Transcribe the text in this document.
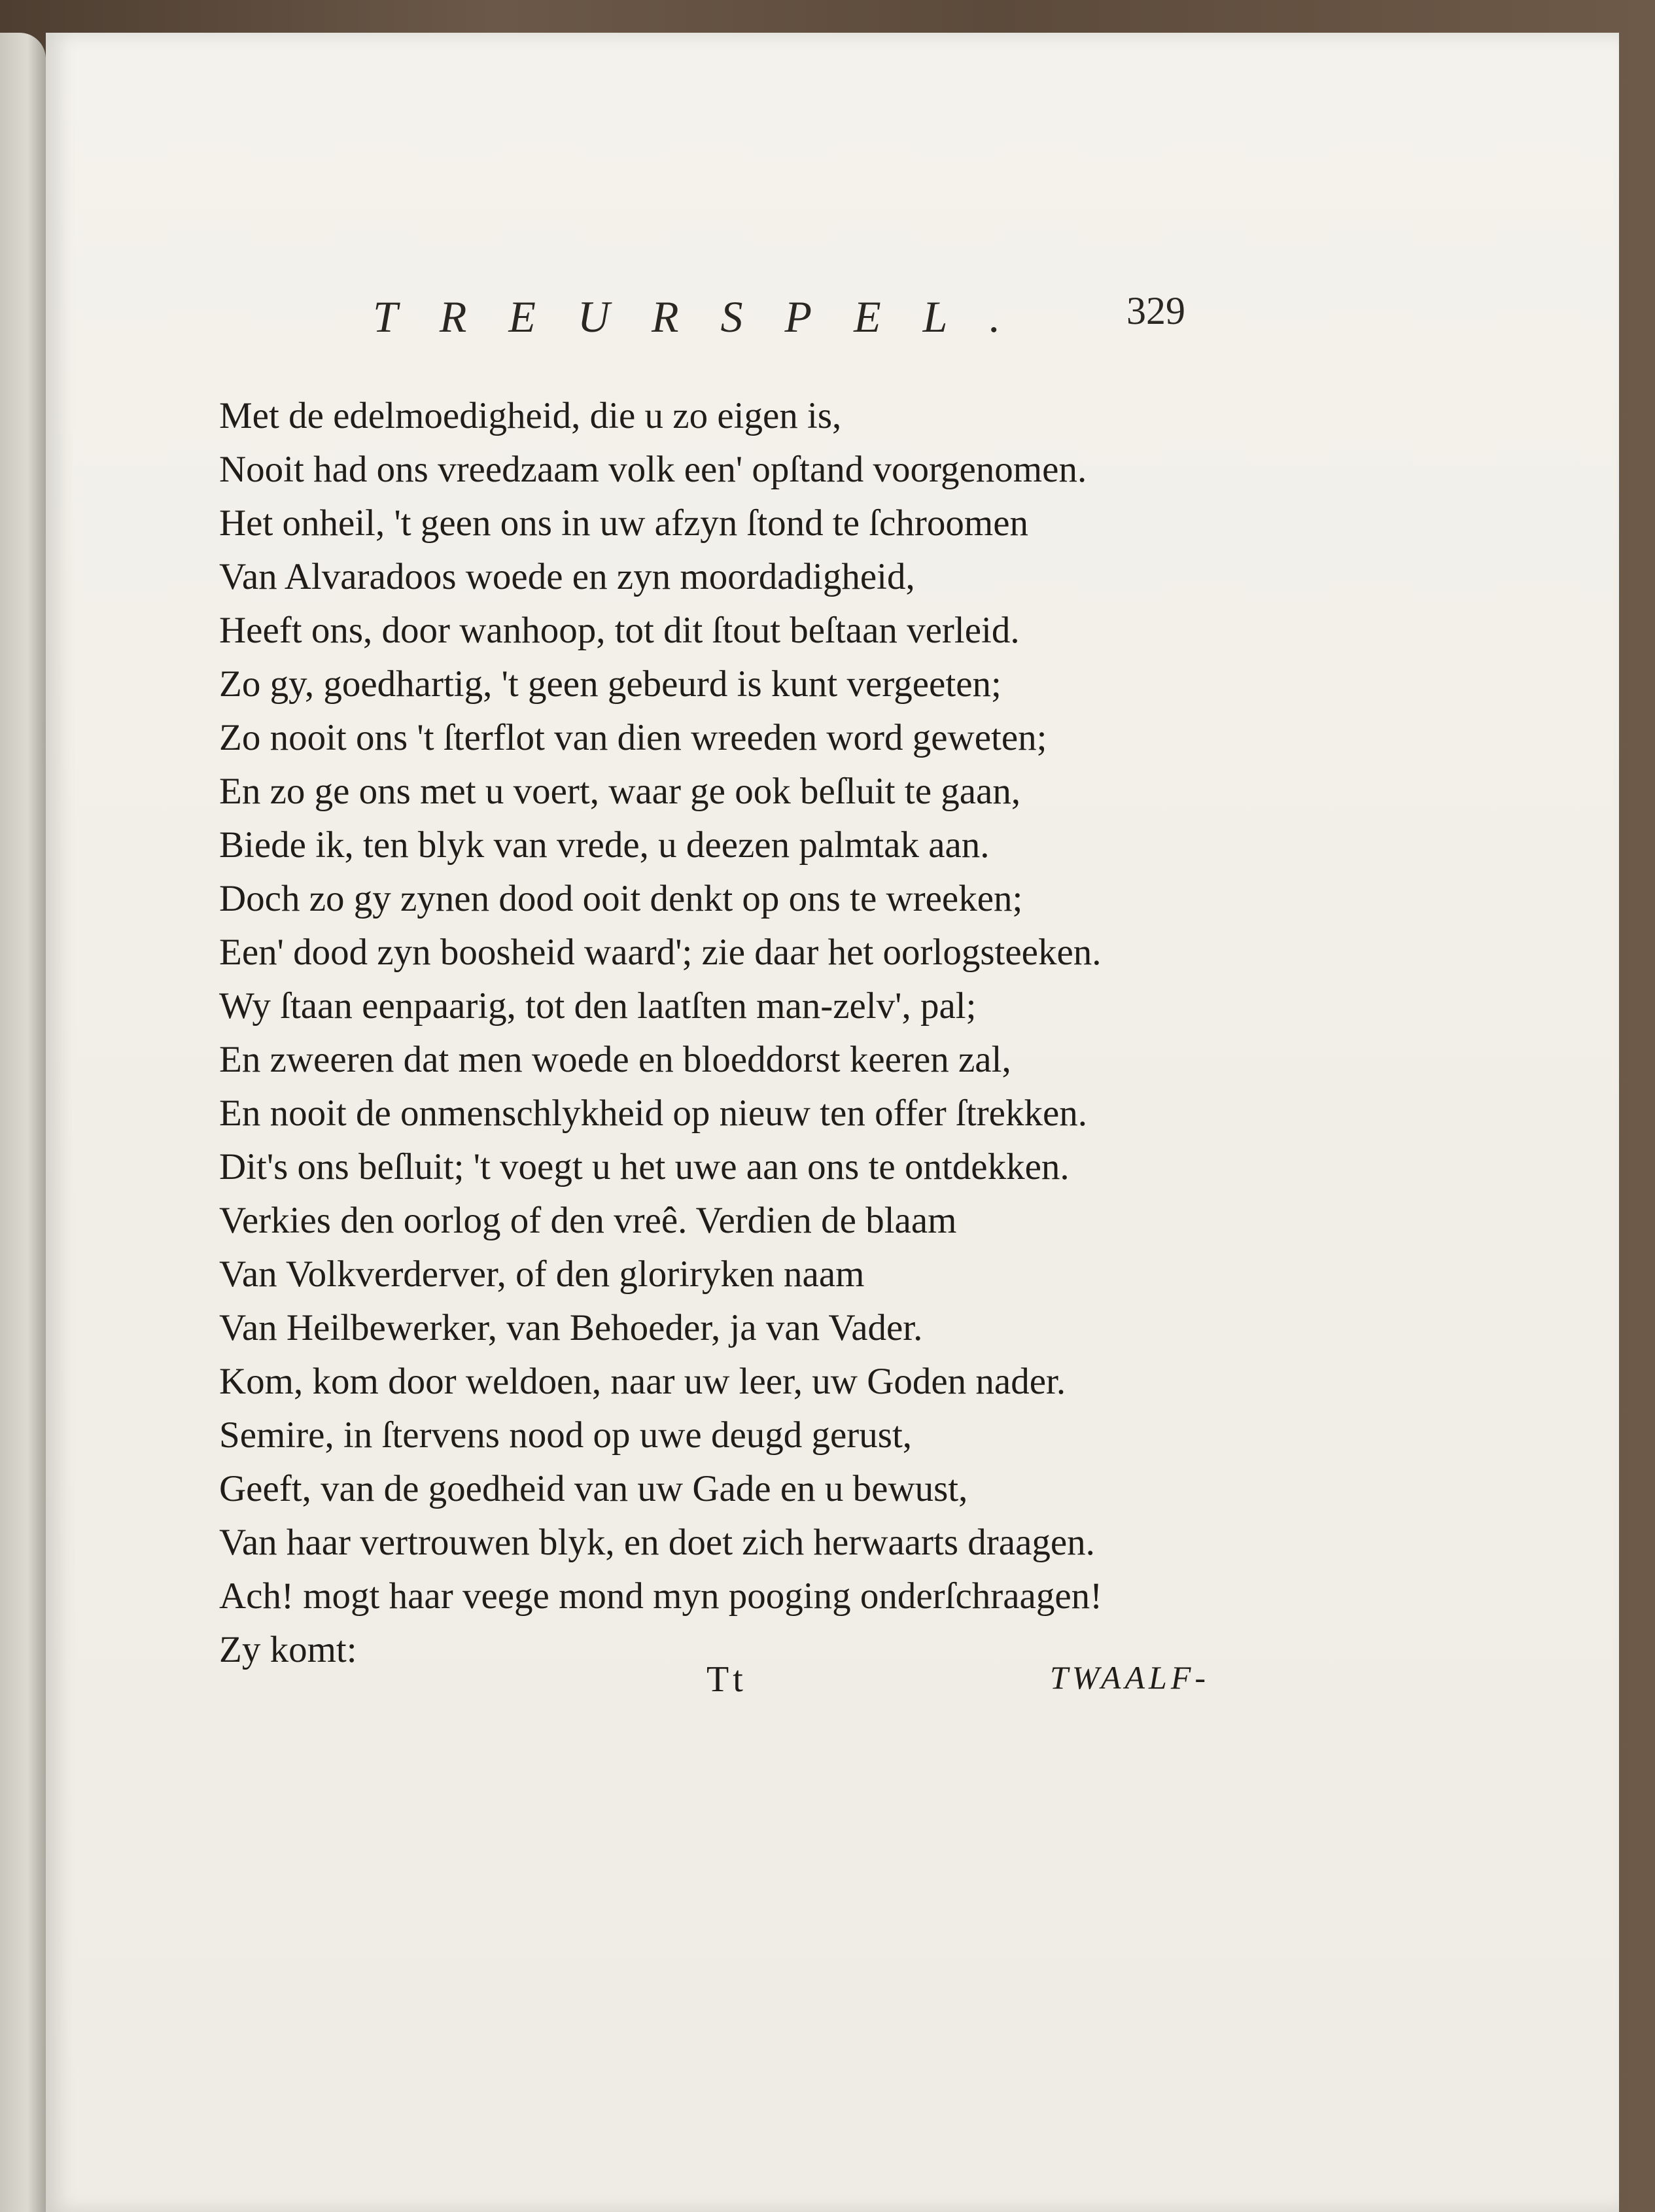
TREURSPEL. 329
Met de edelmoedigheid, die u zo eigen is,
Nooit had ons vreedzaam volk een' opſtand voorgenomen.
Het onheil, 't geen ons in uw afzyn ſtond te ſchroomen
Van Alvaradoos woede en zyn moordadigheid,
Heeft ons, door wanhoop, tot dit ſtout beſtaan verleid.
Zo gy, goedhartig, 't geen gebeurd is kunt vergeeten;
Zo nooit ons 't ſterflot van dien wreeden word geweten;
En zo ge ons met u voert, waar ge ook beſluit te gaan,
Biede ik, ten blyk van vrede, u deezen palmtak aan.
Doch zo gy zynen dood ooit denkt op ons te wreeken;
Een' dood zyn boosheid waard'; zie daar het oorlogsteeken.
Wy ſtaan eenpaarig, tot den laatſten man-zelv', pal;
En zweeren dat men woede en bloeddorst keeren zal,
En nooit de onmenschlykheid op nieuw ten offer ſtrekken.
Dit's ons beſluit; 't voegt u het uwe aan ons te ontdekken.
Verkies den oorlog of den vreê. Verdien de blaam
Van Volkverderver, of den gloriryken naam
Van Heilbewerker, van Behoeder, ja van Vader.
Kom, kom door weldoen, naar uw leer, uw Goden nader.
Semire, in ſtervens nood op uwe deugd gerust,
Geeft, van de goedheid van uw Gade en u bewust,
Van haar vertrouwen blyk, en doet zich herwaarts draagen.
Ach! mogt haar veege mond myn pooging onderſchraagen!
Zy komt:
Tt	TWAALF-
